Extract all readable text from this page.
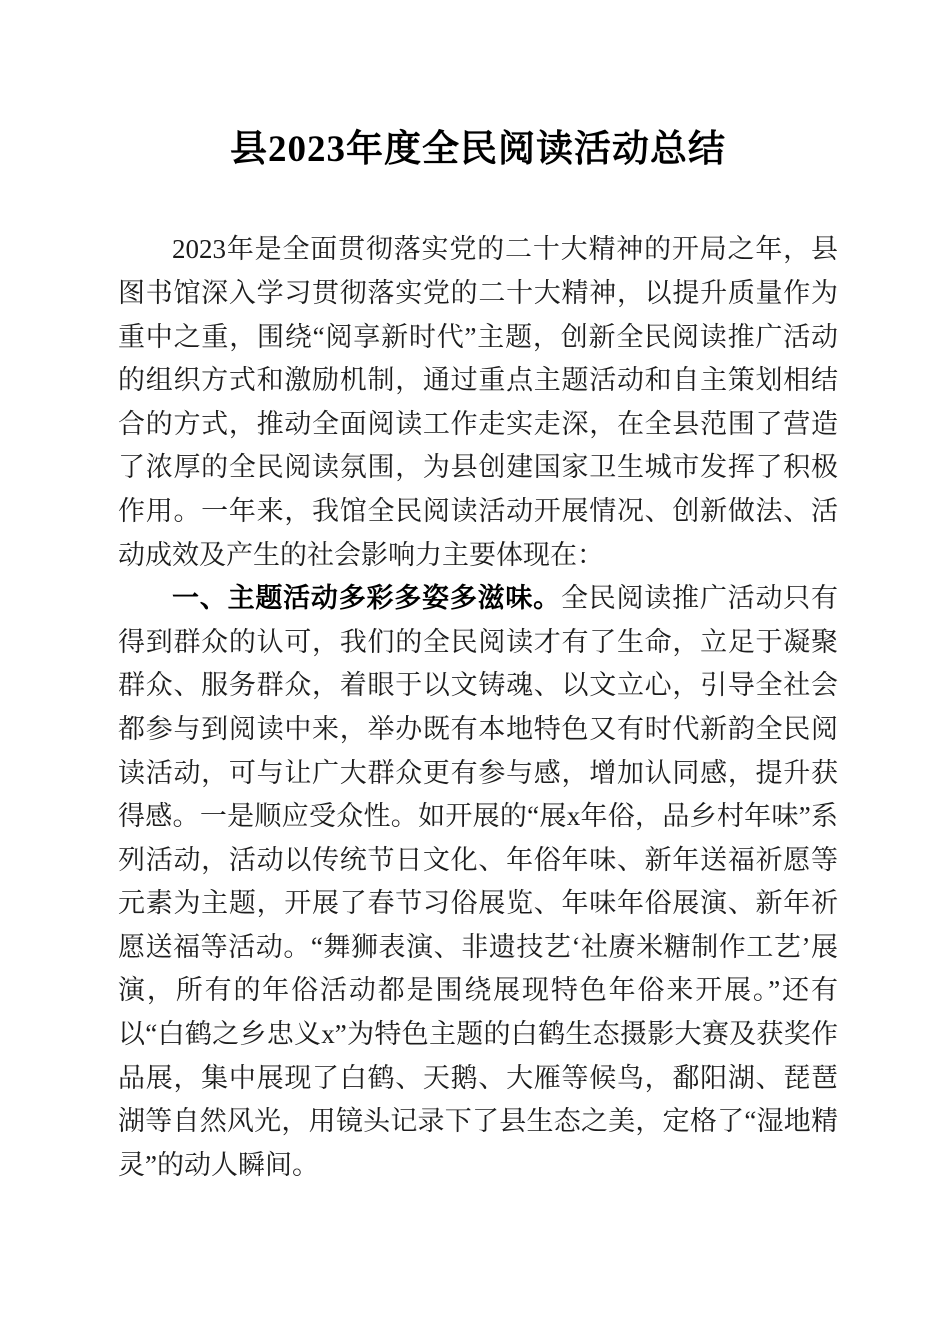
县2023年度全民阅读活动总结

2023年是全面贯彻落实党的二十大精神的开局之年，县图书馆深入学习贯彻落实党的二十大精神，以提升质量作为重中之重，围绕“阅享新时代”主题，创新全民阅读推广活动的组织方式和激励机制，通过重点主题活动和自主策划相结合的方式，推动全面阅读工作走实走深，在全县范围了营造了浓厚的全民阅读氛围，为县创建国家卫生城市发挥了积极作用。一年来，我馆全民阅读活动开展情况、创新做法、活动成效及产生的社会影响力主要体现在：

一、主题活动多彩多姿多滋味。全民阅读推广活动只有得到群众的认可，我们的全民阅读才有了生命，立足于凝聚群众、服务群众，着眼于以文铸魂、以文立心，引导全社会都参与到阅读中来，举办既有本地特色又有时代新韵全民阅读活动，可与让广大群众更有参与感，增加认同感，提升获得感。一是顺应受众性。如开展的“展x年俗，品乡村年味”系列活动，活动以传统节日文化、年俗年味、新年送福祈愿等元素为主题，开展了春节习俗展览、年味年俗展演、新年祈愿送福等活动。“舞狮表演、非遗技艺‘社赓米糖制作工艺’展演，所有的年俗活动都是围绕展现特色年俗来开展。”还有以“白鹤之乡忠义x”为特色主题的白鹤生态摄影大赛及获奖作品展，集中展现了白鹤、天鹅、大雁等候鸟，鄱阳湖、琵琶湖等自然风光，用镜头记录下了县生态之美，定格了“湿地精灵”的动人瞬间。
